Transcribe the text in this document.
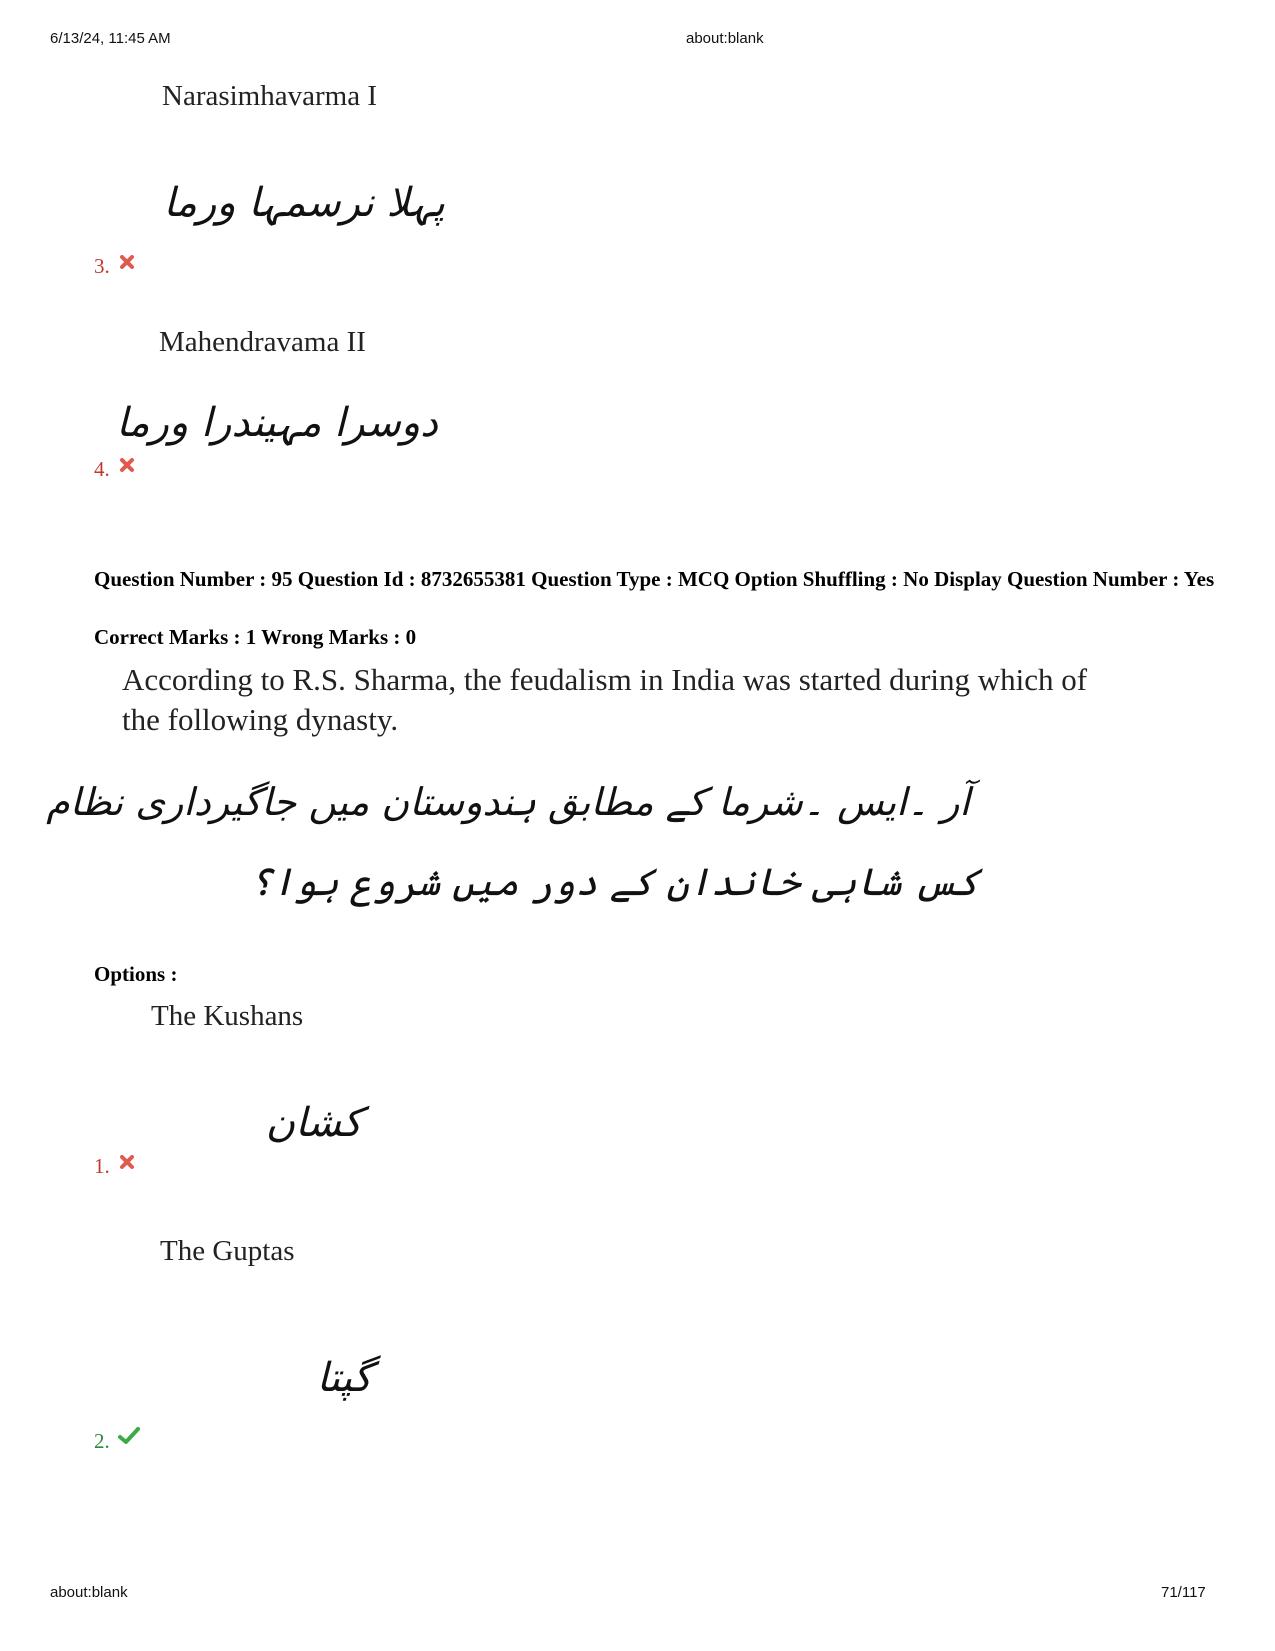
6/13/24, 11:45 AM	about:blank
Narasimhavarma I
پہلا نرسمہا ورما
3.
Mahendravama II
دوسرا مہیندرا ورما
4.
Question Number : 95 Question Id : 8732655381 Question Type : MCQ Option Shuffling : No Display Question Number : Yes
Correct Marks : 1 Wrong Marks : 0
According to R.S. Sharma, the feudalism in India was started during which of the following dynasty.
آر ۔ایس ۔شرما کے مطابق ہندوستان میں جاگیرداری نظام
کس شاہی خاندان کے دور میں شروع ہوا؟
Options :
The Kushans
کشان
1.
The Guptas
گپتا
2.
about:blank	71/117
